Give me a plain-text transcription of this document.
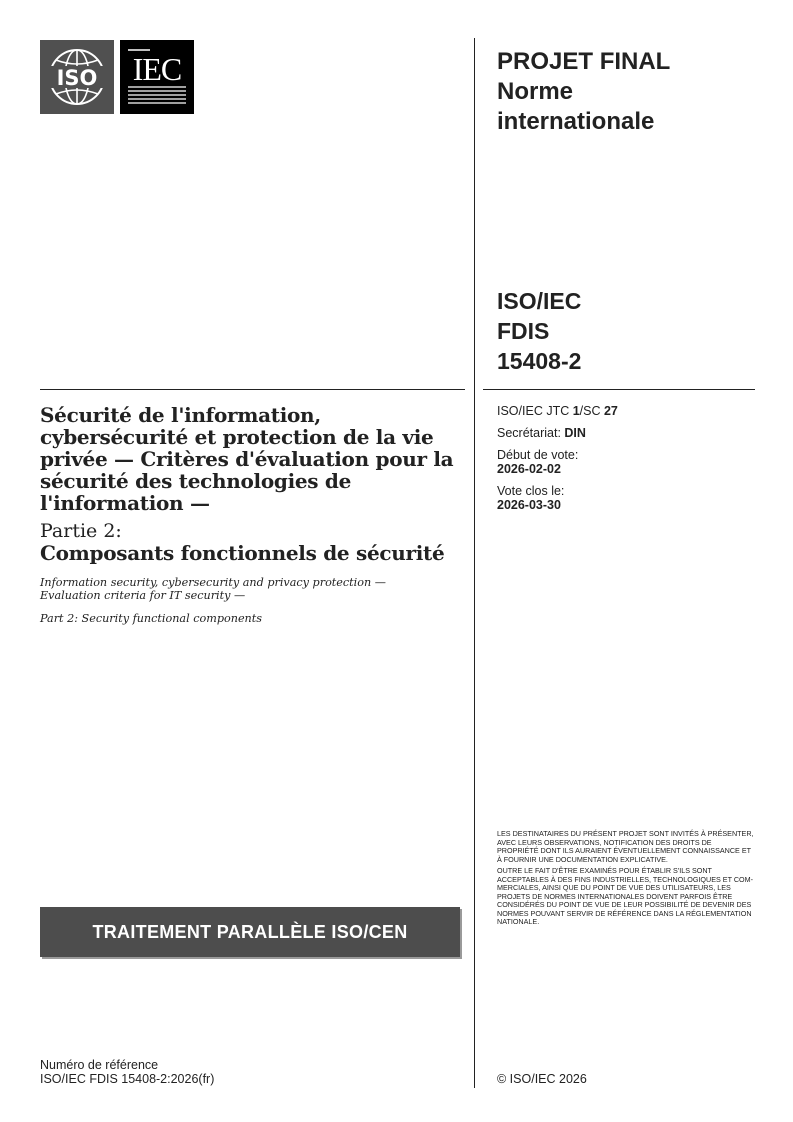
ISO IEC	PROJET FINAL
Norme
internationale
ISO/IEC
FDIS
15408-2
ISO/IEC JTC 1/SC 27
Secrétariat: DIN
Début de vote:
2026-02-02
Vote clos le:
2026-03-30
Sécurité de l'information, cybersécurité et protection de la vie privée — Critères d'évaluation pour la sécurité des technologies de l'information —
Partie 2:
Composants fonctionnels de sécurité
Information security, cybersecurity and privacy protection — Evaluation criteria for IT security —
Part 2: Security functional components

LES DESTINATAIRES DU PRÉSENT PROJET SONT INVITÉS À PRÉSENTER, AVEC LEURS OBSERVATIONS, NOTIFICATION DES DROITS DE PROPRIÉTÉ DONT ILS AURAIENT ÉVENTUELLEMENT CONNAISSANCE ET À FOURNIR UNE DOCUMENTATION EXPLICATIVE.

OUTRE LE FAIT D'ÊTRE EXAMINÉS POUR ÉTABLIR S'ILS SONT ACCEPTABLES À DES FINS INDUSTRIELLES, TECHNOLOGIQUES ET COM-MERCIALES, AINSI QUE DU POINT DE VUE DES UTILISATEURS, LES PROJETS DE NORMES INTERNATIONALES DOIVENT PARFOIS ÊTRE CONSIDÉRÉS DU POINT DE VUE DE LEUR POSSIBILITÉ DE DEVENIR DES NORMES POUVANT SERVIR DE RÉFÉRENCE DANS LA RÉGLEMENTATION NATIONALE.

TRAITEMENT PARALLÈLE ISO/CEN
Numéro de référence
ISO/IEC FDIS 15408-2:2026(fr)	© ISO/IEC 2026
